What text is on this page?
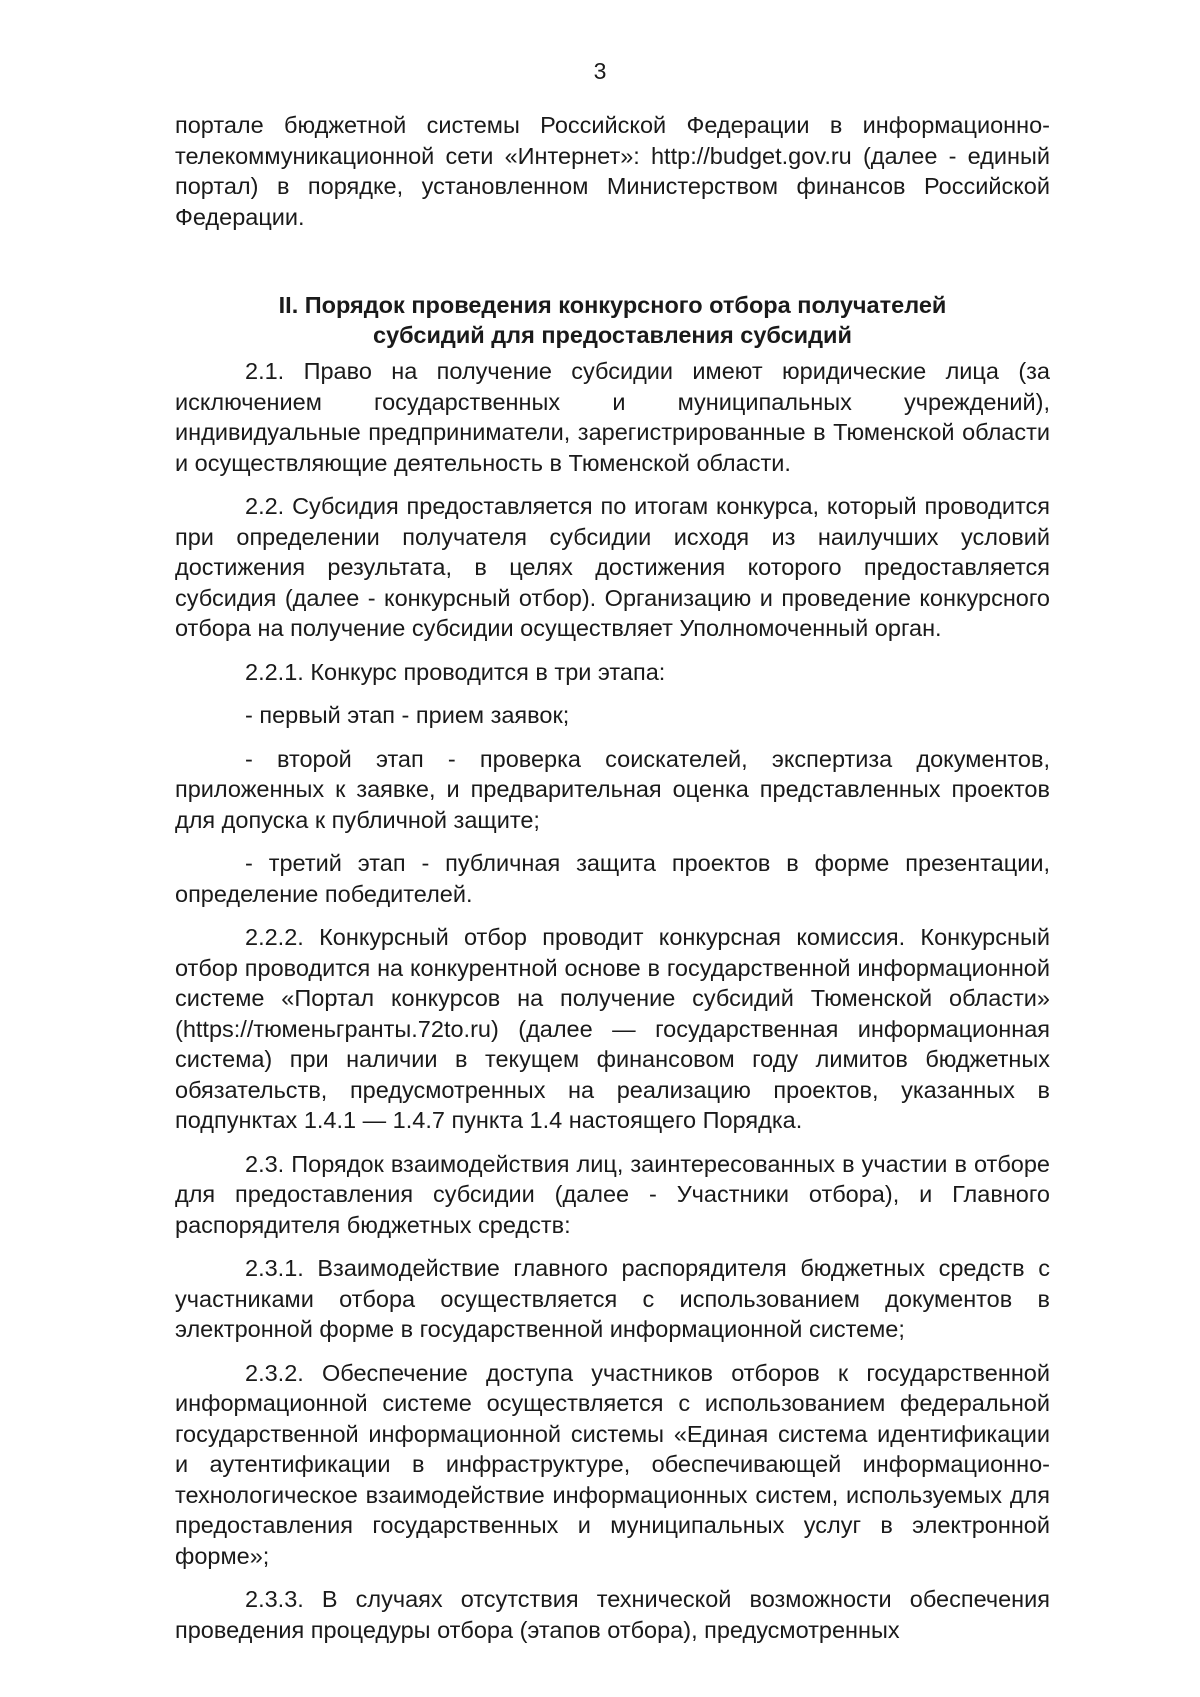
3

портале бюджетной системы Российской Федерации в информационно-телекоммуникационной сети «Интернет»: http://budget.gov.ru (далее - единый портал) в порядке, установленном Министерством финансов Российской Федерации.

II. Порядок проведения конкурсного отбора получателей
субсидий для предоставления субсидий

2.1. Право на получение субсидии имеют юридические лица (за исключением государственных и муниципальных учреждений), индивидуальные предприниматели, зарегистрированные в Тюменской области и осуществляющие деятельность в Тюменской области.

2.2. Субсидия предоставляется по итогам конкурса, который проводится при определении получателя субсидии исходя из наилучших условий достижения результата, в целях достижения которого предоставляется субсидия (далее - конкурсный отбор). Организацию и проведение конкурсного отбора на получение субсидии осуществляет Уполномоченный орган.

2.2.1. Конкурс проводится в три этапа:

- первый этап - прием заявок;

- второй этап - проверка соискателей, экспертиза документов, приложенных к заявке, и предварительная оценка представленных проектов для допуска к публичной защите;

- третий этап - публичная защита проектов в форме презентации, определение победителей.

2.2.2. Конкурсный отбор проводит конкурсная комиссия. Конкурсный отбор проводится на конкурентной основе в государственной информационной системе «Портал конкурсов на получение субсидий Тюменской области» (https://тюменьгранты.72to.ru) (далее — государственная информационная система) при наличии в текущем финансовом году лимитов бюджетных обязательств, предусмотренных на реализацию проектов, указанных в подпунктах 1.4.1 — 1.4.7 пункта 1.4 настоящего Порядка.

2.3. Порядок взаимодействия лиц, заинтересованных в участии в отборе для предоставления субсидии (далее - Участники отбора), и Главного распорядителя бюджетных средств:

2.3.1. Взаимодействие главного распорядителя бюджетных средств с участниками отбора осуществляется с использованием документов в электронной форме в государственной информационной системе;

2.3.2. Обеспечение доступа участников отборов к государственной информационной системе осуществляется с использованием федеральной государственной информационной системы «Единая система идентификации и аутентификации в инфраструктуре, обеспечивающей информационно-технологическое взаимодействие информационных систем, используемых для предоставления государственных и муниципальных услуг в электронной форме»;

2.3.3. В случаях отсутствия технической возможности обеспечения проведения процедуры отбора (этапов отбора), предусмотренных
